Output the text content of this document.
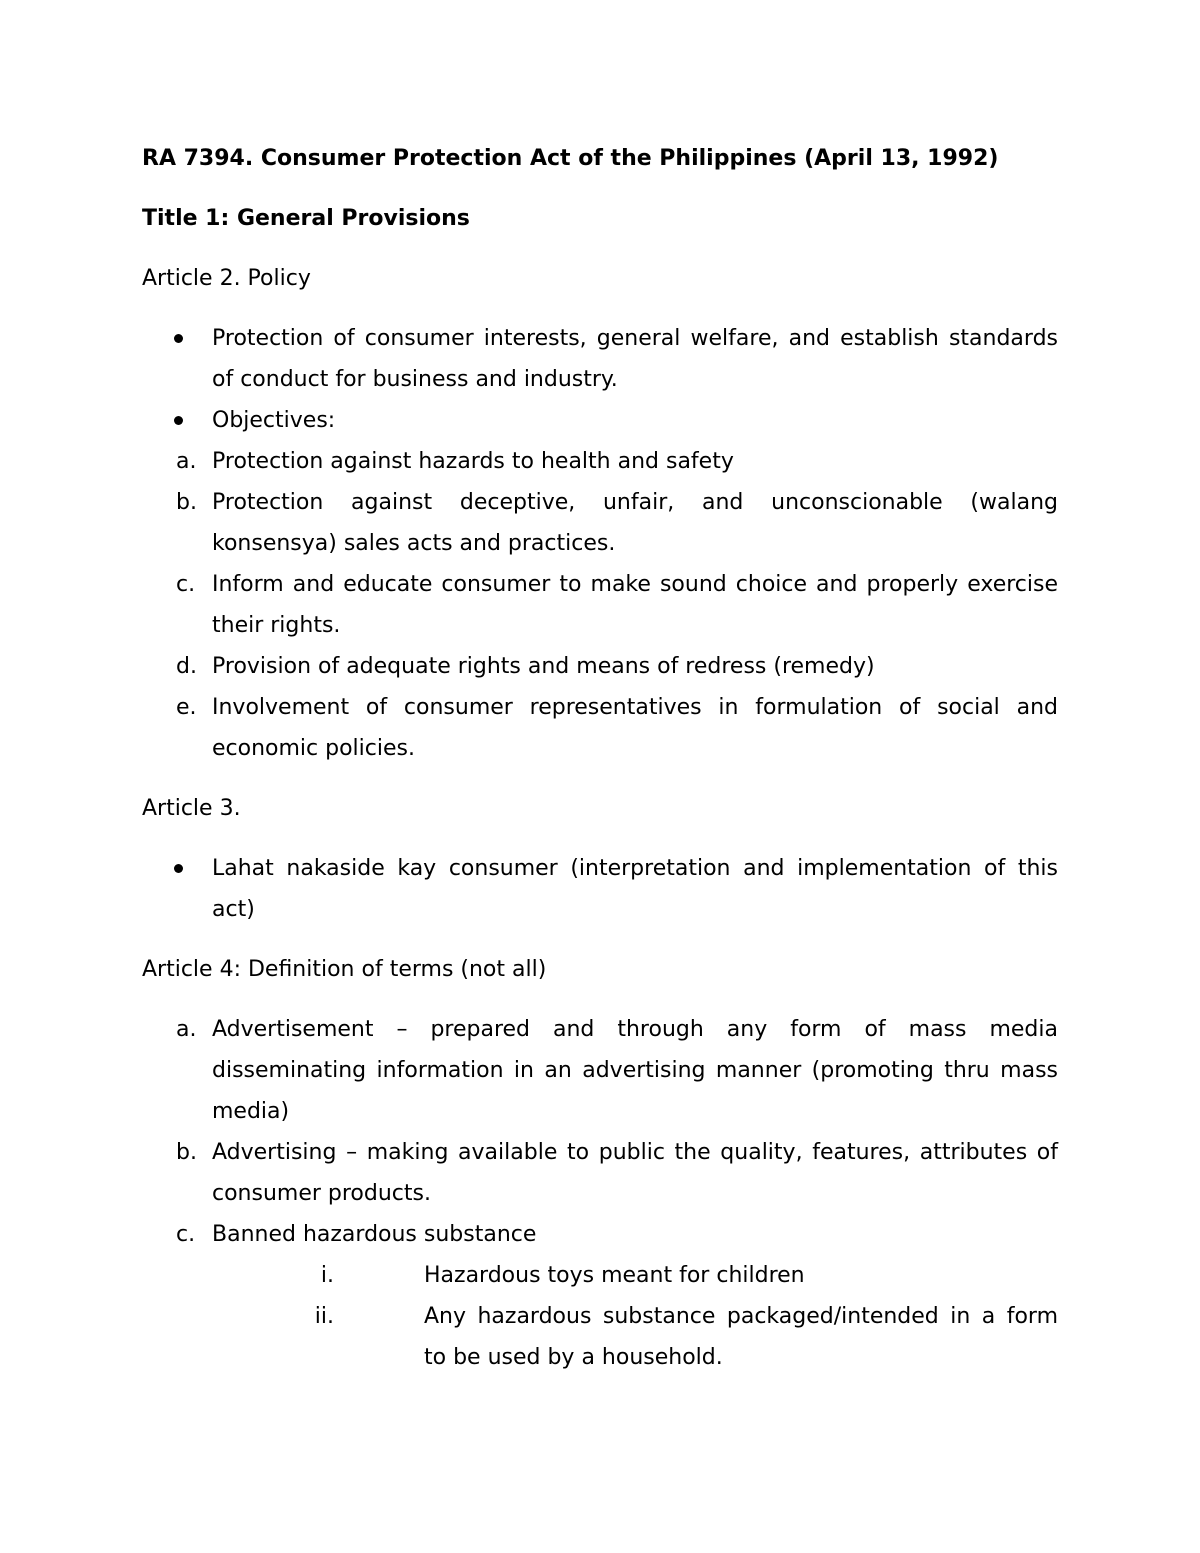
RA 7394. Consumer Protection Act of the Philippines (April 13, 1992)
Title 1: General Provisions
Article 2. Policy
Protection of consumer interests, general welfare, and establish standards of conduct for business and industry.
Objectives:
a. Protection against hazards to health and safety
b. Protection against deceptive, unfair, and unconscionable (walang konsensya) sales acts and practices.
c. Inform and educate consumer to make sound choice and properly exercise their rights.
d. Provision of adequate rights and means of redress (remedy)
e. Involvement of consumer representatives in formulation of social and economic policies.
Article 3.
Lahat nakaside kay consumer (interpretation and implementation of this act)
Article 4: Definition of terms (not all)
a. Advertisement – prepared and through any form of mass media disseminating information in an advertising manner (promoting thru mass media)
b. Advertising – making available to public the quality, features, attributes of consumer products.
c. Banned hazardous substance
i.	Hazardous toys meant for children
ii.	Any hazardous substance packaged/intended in a form to be used by a household.
